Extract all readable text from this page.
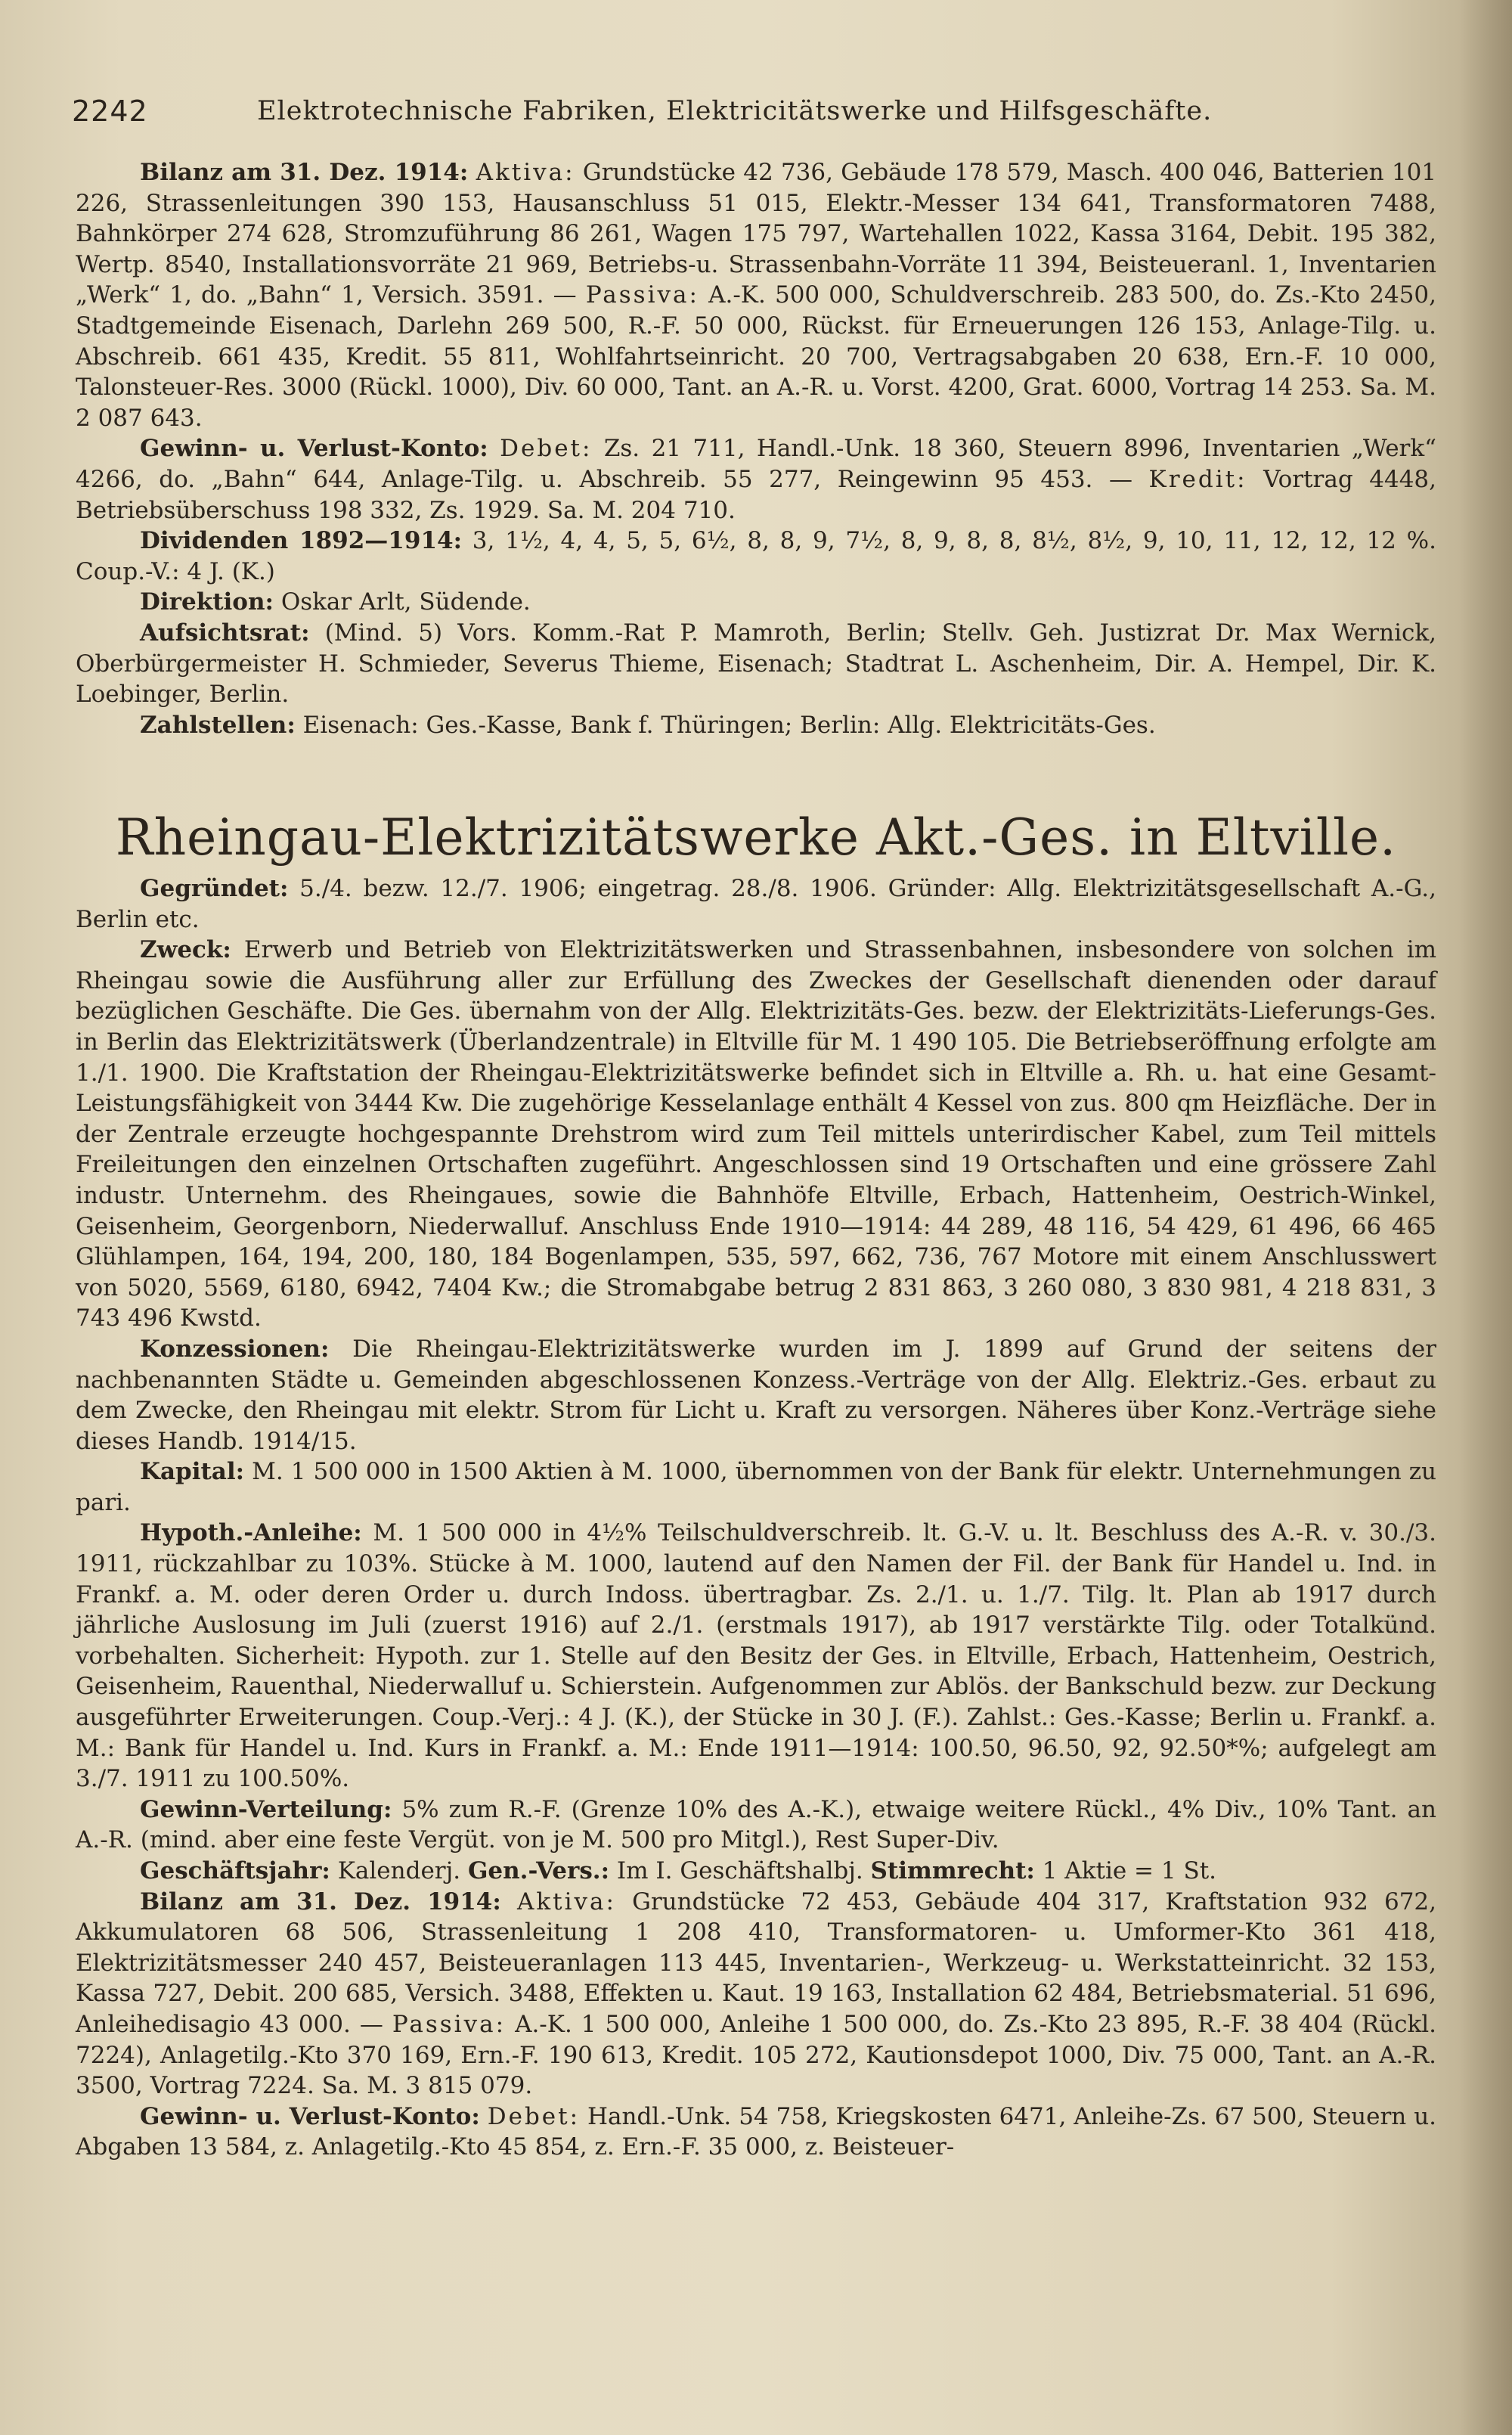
2242	Elektrotechnische Fabriken, Elektricitätswerke und Hilfsgeschäfte.

Bilanz am 31. Dez. 1914: Aktiva: Grundstücke 42 736, Gebäude 178 579, Masch. 400 046, Batterien 101 226, Strassenleitungen 390 153, Hausanschluss 51 015, Elektr.-Messer 134 641, Transformatoren 7488, Bahnkörper 274 628, Stromzuführung 86 261, Wagen 175 797, Wartehallen 1022, Kassa 3164, Debit. 195 382, Wertp. 8540, Installationsvorräte 21 969, Betriebs-u. Strassenbahn-Vorräte 11 394, Beisteueranl. 1, Inventarien „Werk“ 1, do. „Bahn“ 1, Versich. 3591. — Passiva: A.-K. 500 000, Schuldverschreib. 283 500, do. Zs.-Kto 2450, Stadtgemeinde Eisenach, Darlehn 269 500, R.-F. 50 000, Rückst. für Erneuerungen 126 153, Anlage-Tilg. u. Abschreib. 661 435, Kredit. 55 811, Wohlfahrtseinricht. 20 700, Vertragsabgaben 20 638, Ern.-F. 10 000, Talonsteuer-Res. 3000 (Rückl. 1000), Div. 60 000, Tant. an A.-R. u. Vorst. 4200, Grat. 6000, Vortrag 14 253. Sa. M. 2 087 643.

Gewinn- u. Verlust-Konto: Debet: Zs. 21 711, Handl.-Unk. 18 360, Steuern 8996, Inventarien „Werk“ 4266, do. „Bahn“ 644, Anlage-Tilg. u. Abschreib. 55 277, Reingewinn 95 453. — Kredit: Vortrag 4448, Betriebsüberschuss 198 332, Zs. 1929. Sa. M. 204 710.

Dividenden 1892—1914: 3, 1½, 4, 4, 5, 5, 6½, 8, 8, 9, 7½, 8, 9, 8, 8, 8½, 8½, 9, 10, 11, 12, 12, 12 %. Coup.-V.: 4 J. (K.)

Direktion: Oskar Arlt, Südende.

Aufsichtsrat: (Mind. 5) Vors. Komm.-Rat P. Mamroth, Berlin; Stellv. Geh. Justizrat Dr. Max Wernick, Oberbürgermeister H. Schmieder, Severus Thieme, Eisenach; Stadtrat L. Aschenheim, Dir. A. Hempel, Dir. K. Loebinger, Berlin.

Zahlstellen: Eisenach: Ges.-Kasse, Bank f. Thüringen; Berlin: Allg. Elektricitäts-Ges.

Rheingau-Elektrizitätswerke Akt.-Ges. in Eltville.

Gegründet: 5./4. bezw. 12./7. 1906; eingetrag. 28./8. 1906. Gründer: Allg. Elektrizitätsgesellschaft A.-G., Berlin etc.

Zweck: Erwerb und Betrieb von Elektrizitätswerken und Strassenbahnen, insbesondere von solchen im Rheingau sowie die Ausführung aller zur Erfüllung des Zweckes der Gesellschaft dienenden oder darauf bezüglichen Geschäfte. Die Ges. übernahm von der Allg. Elektrizitäts-Ges. bezw. der Elektrizitäts-Lieferungs-Ges. in Berlin das Elektrizitätswerk (Überlandzentrale) in Eltville für M. 1 490 105. Die Betriebseröffnung erfolgte am 1./1. 1900. Die Kraftstation der Rheingau-Elektrizitätswerke befindet sich in Eltville a. Rh. u. hat eine Gesamt-Leistungsfähigkeit von 3444 Kw. Die zugehörige Kesselanlage enthält 4 Kessel von zus. 800 qm Heizfläche. Der in der Zentrale erzeugte hochgespannte Drehstrom wird zum Teil mittels unterirdischer Kabel, zum Teil mittels Freileitungen den einzelnen Ortschaften zugeführt. Angeschlossen sind 19 Ortschaften und eine grössere Zahl industr. Unternehm. des Rheingaues, sowie die Bahnhöfe Eltville, Erbach, Hattenheim, Oestrich-Winkel, Geisenheim, Georgenborn, Niederwalluf. Anschluss Ende 1910—1914: 44 289, 48 116, 54 429, 61 496, 66 465 Glühlampen, 164, 194, 200, 180, 184 Bogenlampen, 535, 597, 662, 736, 767 Motore mit einem Anschlusswert von 5020, 5569, 6180, 6942, 7404 Kw.; die Stromabgabe betrug 2 831 863, 3 260 080, 3 830 981, 4 218 831, 3 743 496 Kwstd.

Konzessionen: Die Rheingau-Elektrizitätswerke wurden im J. 1899 auf Grund der seitens der nachbenannten Städte u. Gemeinden abgeschlossenen Konzess.-Verträge von der Allg. Elektriz.-Ges. erbaut zu dem Zwecke, den Rheingau mit elektr. Strom für Licht u. Kraft zu versorgen. Näheres über Konz.-Verträge siehe dieses Handb. 1914/15.

Kapital: M. 1 500 000 in 1500 Aktien à M. 1000, übernommen von der Bank für elektr. Unternehmungen zu pari.

Hypoth.-Anleihe: M. 1 500 000 in 4½% Teilschuldverschreib. lt. G.-V. u. lt. Beschluss des A.-R. v. 30./3. 1911, rückzahlbar zu 103%. Stücke à M. 1000, lautend auf den Namen der Fil. der Bank für Handel u. Ind. in Frankf. a. M. oder deren Order u. durch Indoss. übertragbar. Zs. 2./1. u. 1./7. Tilg. lt. Plan ab 1917 durch jährliche Auslosung im Juli (zuerst 1916) auf 2./1. (erstmals 1917), ab 1917 verstärkte Tilg. oder Totalkünd. vorbehalten. Sicherheit: Hypoth. zur 1. Stelle auf den Besitz der Ges. in Eltville, Erbach, Hattenheim, Oestrich, Geisenheim, Rauenthal, Niederwalluf u. Schierstein. Aufgenommen zur Ablös. der Bankschuld bezw. zur Deckung ausgeführter Erweiterungen. Coup.-Verj.: 4 J. (K.), der Stücke in 30 J. (F.). Zahlst.: Ges.-Kasse; Berlin u. Frankf. a. M.: Bank für Handel u. Ind. Kurs in Frankf. a. M.: Ende 1911—1914: 100.50, 96.50, 92, 92.50*%; aufgelegt am 3./7. 1911 zu 100.50%.

Gewinn-Verteilung: 5% zum R.-F. (Grenze 10% des A.-K.), etwaige weitere Rückl., 4% Div., 10% Tant. an A.-R. (mind. aber eine feste Vergüt. von je M. 500 pro Mitgl.), Rest Super-Div.

Geschäftsjahr: Kalenderj. Gen.-Vers.: Im I. Geschäftshalbj. Stimmrecht: 1 Aktie = 1 St.

Bilanz am 31. Dez. 1914: Aktiva: Grundstücke 72 453, Gebäude 404 317, Kraftstation 932 672, Akkumulatoren 68 506, Strassenleitung 1 208 410, Transformatoren- u. Umformer-Kto 361 418, Elektrizitätsmesser 240 457, Beisteueranlagen 113 445, Inventarien-, Werkzeug- u. Werkstatteinricht. 32 153, Kassa 727, Debit. 200 685, Versich. 3488, Effekten u. Kaut. 19 163, Installation 62 484, Betriebsmaterial. 51 696, Anleihedisagio 43 000. — Passiva: A.-K. 1 500 000, Anleihe 1 500 000, do. Zs.-Kto 23 895, R.-F. 38 404 (Rückl. 7224), Anlagetilg.-Kto 370 169, Ern.-F. 190 613, Kredit. 105 272, Kautionsdepot 1000, Div. 75 000, Tant. an A.-R. 3500, Vortrag 7224. Sa. M. 3 815 079.

Gewinn- u. Verlust-Konto: Debet: Handl.-Unk. 54 758, Kriegskosten 6471, Anleihe-Zs. 67 500, Steuern u. Abgaben 13 584, z. Anlagetilg.-Kto 45 854, z. Ern.-F. 35 000, z. Beisteuer-
